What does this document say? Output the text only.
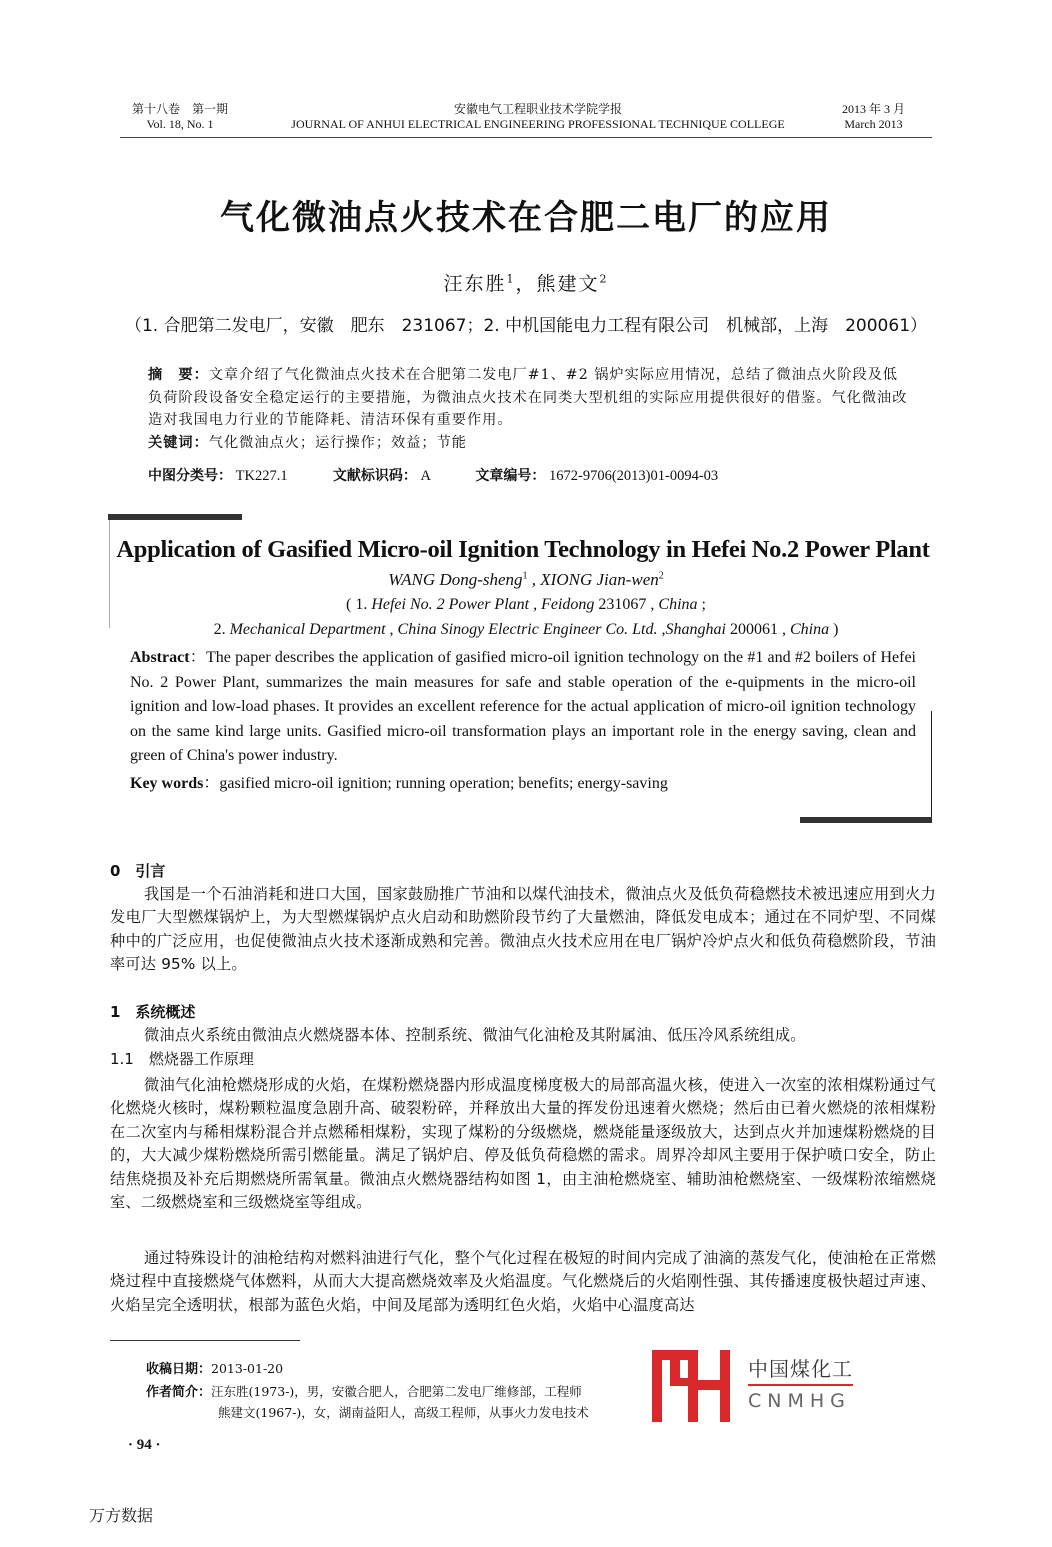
第十八卷　第一期
Vol. 18, No. 1
安徽电气工程职业技术学院学报
JOURNAL OF ANHUI ELECTRICAL ENGINEERING PROFESSIONAL TECHNIQUE COLLEGE
2013 年 3 月
March 2013
气化微油点火技术在合肥二电厂的应用
汪东胜$^1$，熊建文$^2$
（1. 合肥第二发电厂，安徽　肥东　231067；2. 中机国能电力工程有限公司　机械部，上海　200061）
摘　要：文章介绍了气化微油点火技术在合肥第二发电厂#1、#2 锅炉实际应用情况，总结了微油点火阶段及低负荷阶段设备安全稳定运行的主要措施，为微油点火技术在同类大型机组的实际应用提供很好的借鉴。气化微油改造对我国电力行业的节能降耗、清洁环保有重要作用。
关键词：气化微油点火；运行操作；效益；节能
中图分类号： TK227.1	文献标识码： A	文章编号： 1672-9706(2013)01-0094-03
Application of Gasified Micro-oil Ignition Technology in Hefei No.2 Power Plant
WANG Dong-sheng$^1$ , XIONG Jian-wen$^2$
( 1. Hefei No. 2 Power Plant , Feidong 231067 , China ;
2. Mechanical Department , China Sinogy Electric Engineer Co. Ltd. ,Shanghai 200061 , China )
Abstract：The paper describes the application of gasified micro-oil ignition technology on the #1 and #2 boilers of Hefei No. 2 Power Plant, summarizes the main measures for safe and stable operation of the e-quipments in the micro-oil ignition and low-load phases. It provides an excellent reference for the actual application of micro-oil ignition technology on the same kind large units. Gasified micro-oil transformation plays an important role in the energy saving, clean and green of China's power industry.
Key words：gasified micro-oil ignition; running operation; benefits; energy-saving
0　引言
我国是一个石油消耗和进口大国，国家鼓励推广节油和以煤代油技术，微油点火及低负荷稳燃技术被迅速应用到火力发电厂大型燃煤锅炉上，为大型燃煤锅炉点火启动和助燃阶段节约了大量燃油，降低发电成本；通过在不同炉型、不同煤种中的广泛应用，也促使微油点火技术逐渐成熟和完善。微油点火技术应用在电厂锅炉冷炉点火和低负荷稳燃阶段，节油率可达 95% 以上。
1　系统概述
微油点火系统由微油点火燃烧器本体、控制系统、微油气化油枪及其附属油、低压冷风系统组成。
1.1　燃烧器工作原理
微油气化油枪燃烧形成的火焰，在煤粉燃烧器内形成温度梯度极大的局部高温火核，使进入一次室的浓相煤粉通过气化燃烧火核时，煤粉颗粒温度急剧升高、破裂粉碎，并释放出大量的挥发份迅速着火燃烧；然后由已着火燃烧的浓相煤粉在二次室内与稀相煤粉混合并点燃稀相煤粉，实现了煤粉的分级燃烧，燃烧能量逐级放大，达到点火并加速煤粉燃烧的目的，大大减少煤粉燃烧所需引燃能量。满足了锅炉启、停及低负荷稳燃的需求。周界冷却风主要用于保护喷口安全，防止结焦烧损及补充后期燃烧所需氧量。微油点火燃烧器结构如图 1，由主油枪燃烧室、辅助油枪燃烧室、一级煤粉浓缩燃烧室、二级燃烧室和三级燃烧室等组成。
通过特殊设计的油枪结构对燃料油进行气化，整个气化过程在极短的时间内完成了油滴的蒸发气化，使油枪在正常燃烧过程中直接燃烧气体燃料，从而大大提高燃烧效率及火焰温度。气化燃烧后的火焰刚性强、其传播速度极快超过声速、火焰呈完全透明状，根部为蓝色火焰，中间及尾部为透明红色火焰，火焰中心温度高达
收稿日期：2013-01-20
作者简介：汪东胜(1973-)，男，安徽合肥人，合肥第二发电厂维修部，工程师
熊建文(1967-)，女，湖南益阳人，高级工程师，从事火力发电技术
中国煤化工
CNMHG
· 94 ·
万方数据
